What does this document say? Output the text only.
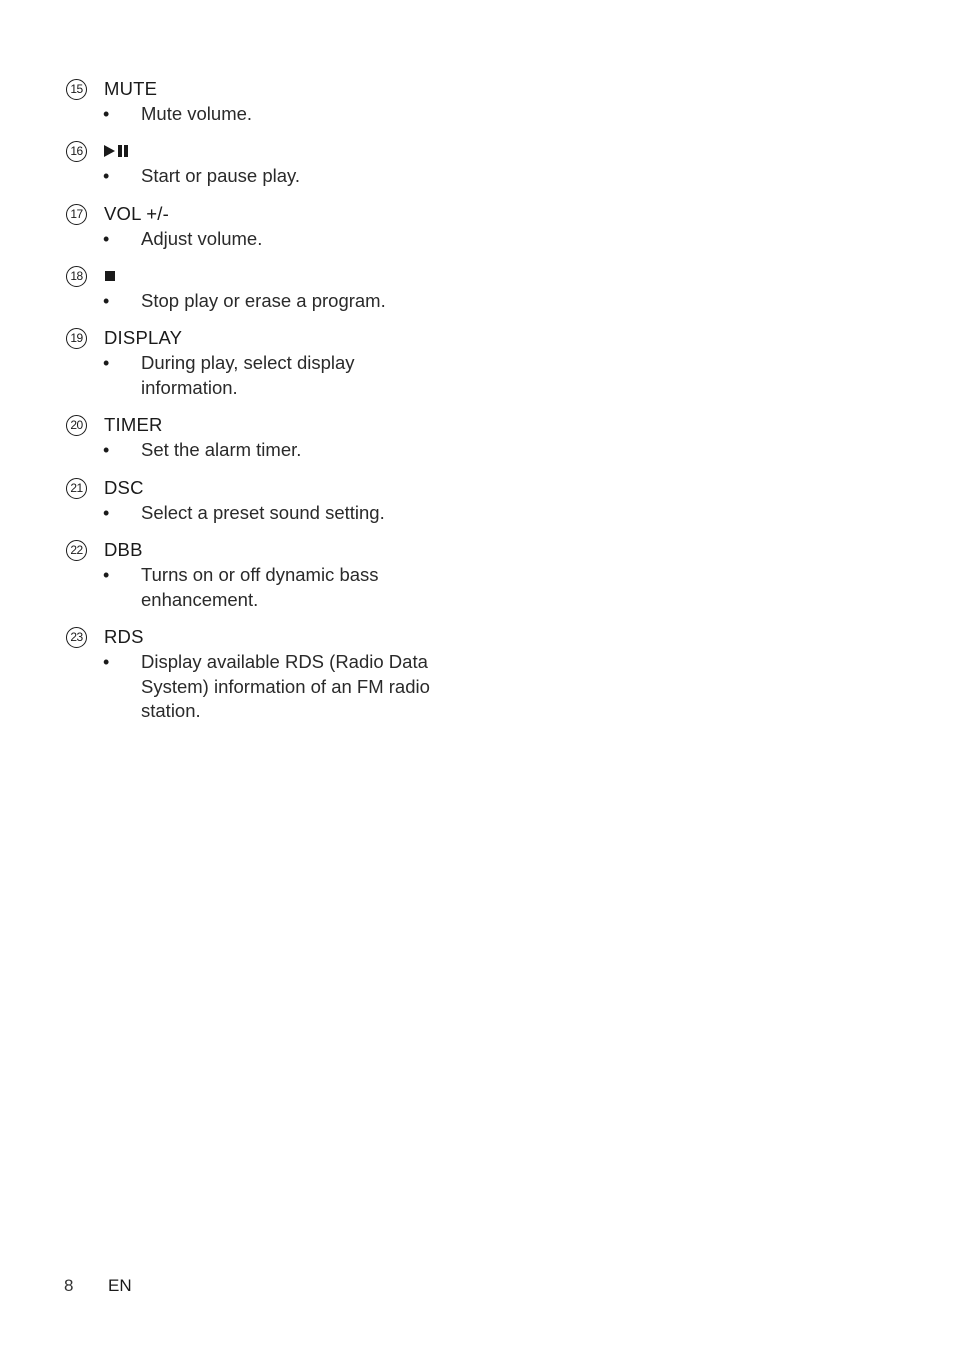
15 MUTE
•	Mute volume.
16
•	Start or pause play.
17 VOL +/-
•	Adjust volume.
18
•	Stop play or erase a program.
19 DISPLAY
•	During play, select display information.
20 TIMER
•	Set the alarm timer.
21 DSC
•	Select a preset sound setting.
22 DBB
•	Turns on or off dynamic bass enhancement.
23 RDS
•	Display available RDS (Radio Data System) information of an FM radio station.
8	EN
